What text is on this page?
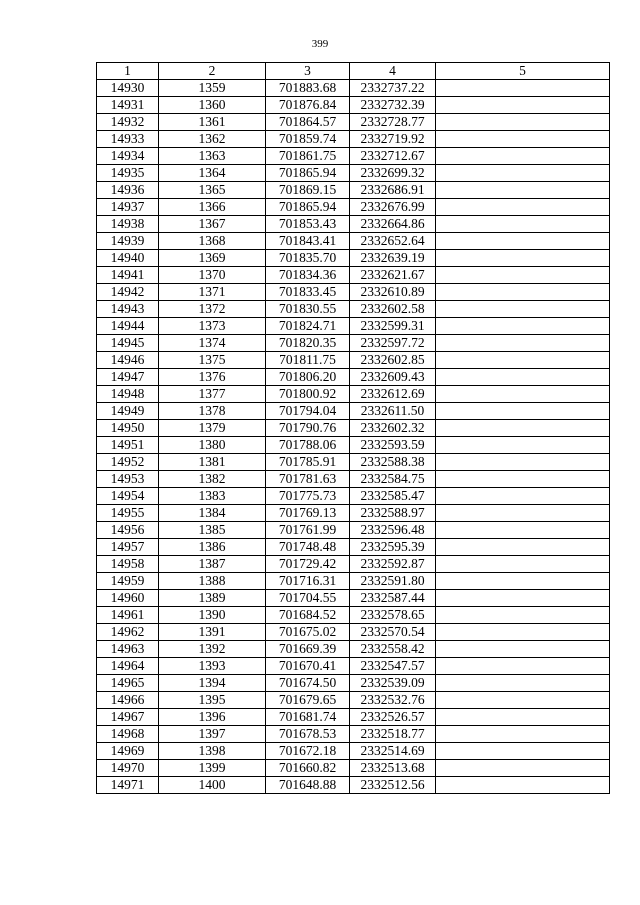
399
1	2	3	4	5
14930	1359	701883.68	2332737.22	
14931	1360	701876.84	2332732.39	
14932	1361	701864.57	2332728.77	
14933	1362	701859.74	2332719.92	
14934	1363	701861.75	2332712.67	
14935	1364	701865.94	2332699.32	
14936	1365	701869.15	2332686.91	
14937	1366	701865.94	2332676.99	
14938	1367	701853.43	2332664.86	
14939	1368	701843.41	2332652.64	
14940	1369	701835.70	2332639.19	
14941	1370	701834.36	2332621.67	
14942	1371	701833.45	2332610.89	
14943	1372	701830.55	2332602.58	
14944	1373	701824.71	2332599.31	
14945	1374	701820.35	2332597.72	
14946	1375	701811.75	2332602.85	
14947	1376	701806.20	2332609.43	
14948	1377	701800.92	2332612.69	
14949	1378	701794.04	2332611.50	
14950	1379	701790.76	2332602.32	
14951	1380	701788.06	2332593.59	
14952	1381	701785.91	2332588.38	
14953	1382	701781.63	2332584.75	
14954	1383	701775.73	2332585.47	
14955	1384	701769.13	2332588.97	
14956	1385	701761.99	2332596.48	
14957	1386	701748.48	2332595.39	
14958	1387	701729.42	2332592.87	
14959	1388	701716.31	2332591.80	
14960	1389	701704.55	2332587.44	
14961	1390	701684.52	2332578.65	
14962	1391	701675.02	2332570.54	
14963	1392	701669.39	2332558.42	
14964	1393	701670.41	2332547.57	
14965	1394	701674.50	2332539.09	
14966	1395	701679.65	2332532.76	
14967	1396	701681.74	2332526.57	
14968	1397	701678.53	2332518.77	
14969	1398	701672.18	2332514.69	
14970	1399	701660.82	2332513.68	
14971	1400	701648.88	2332512.56	
